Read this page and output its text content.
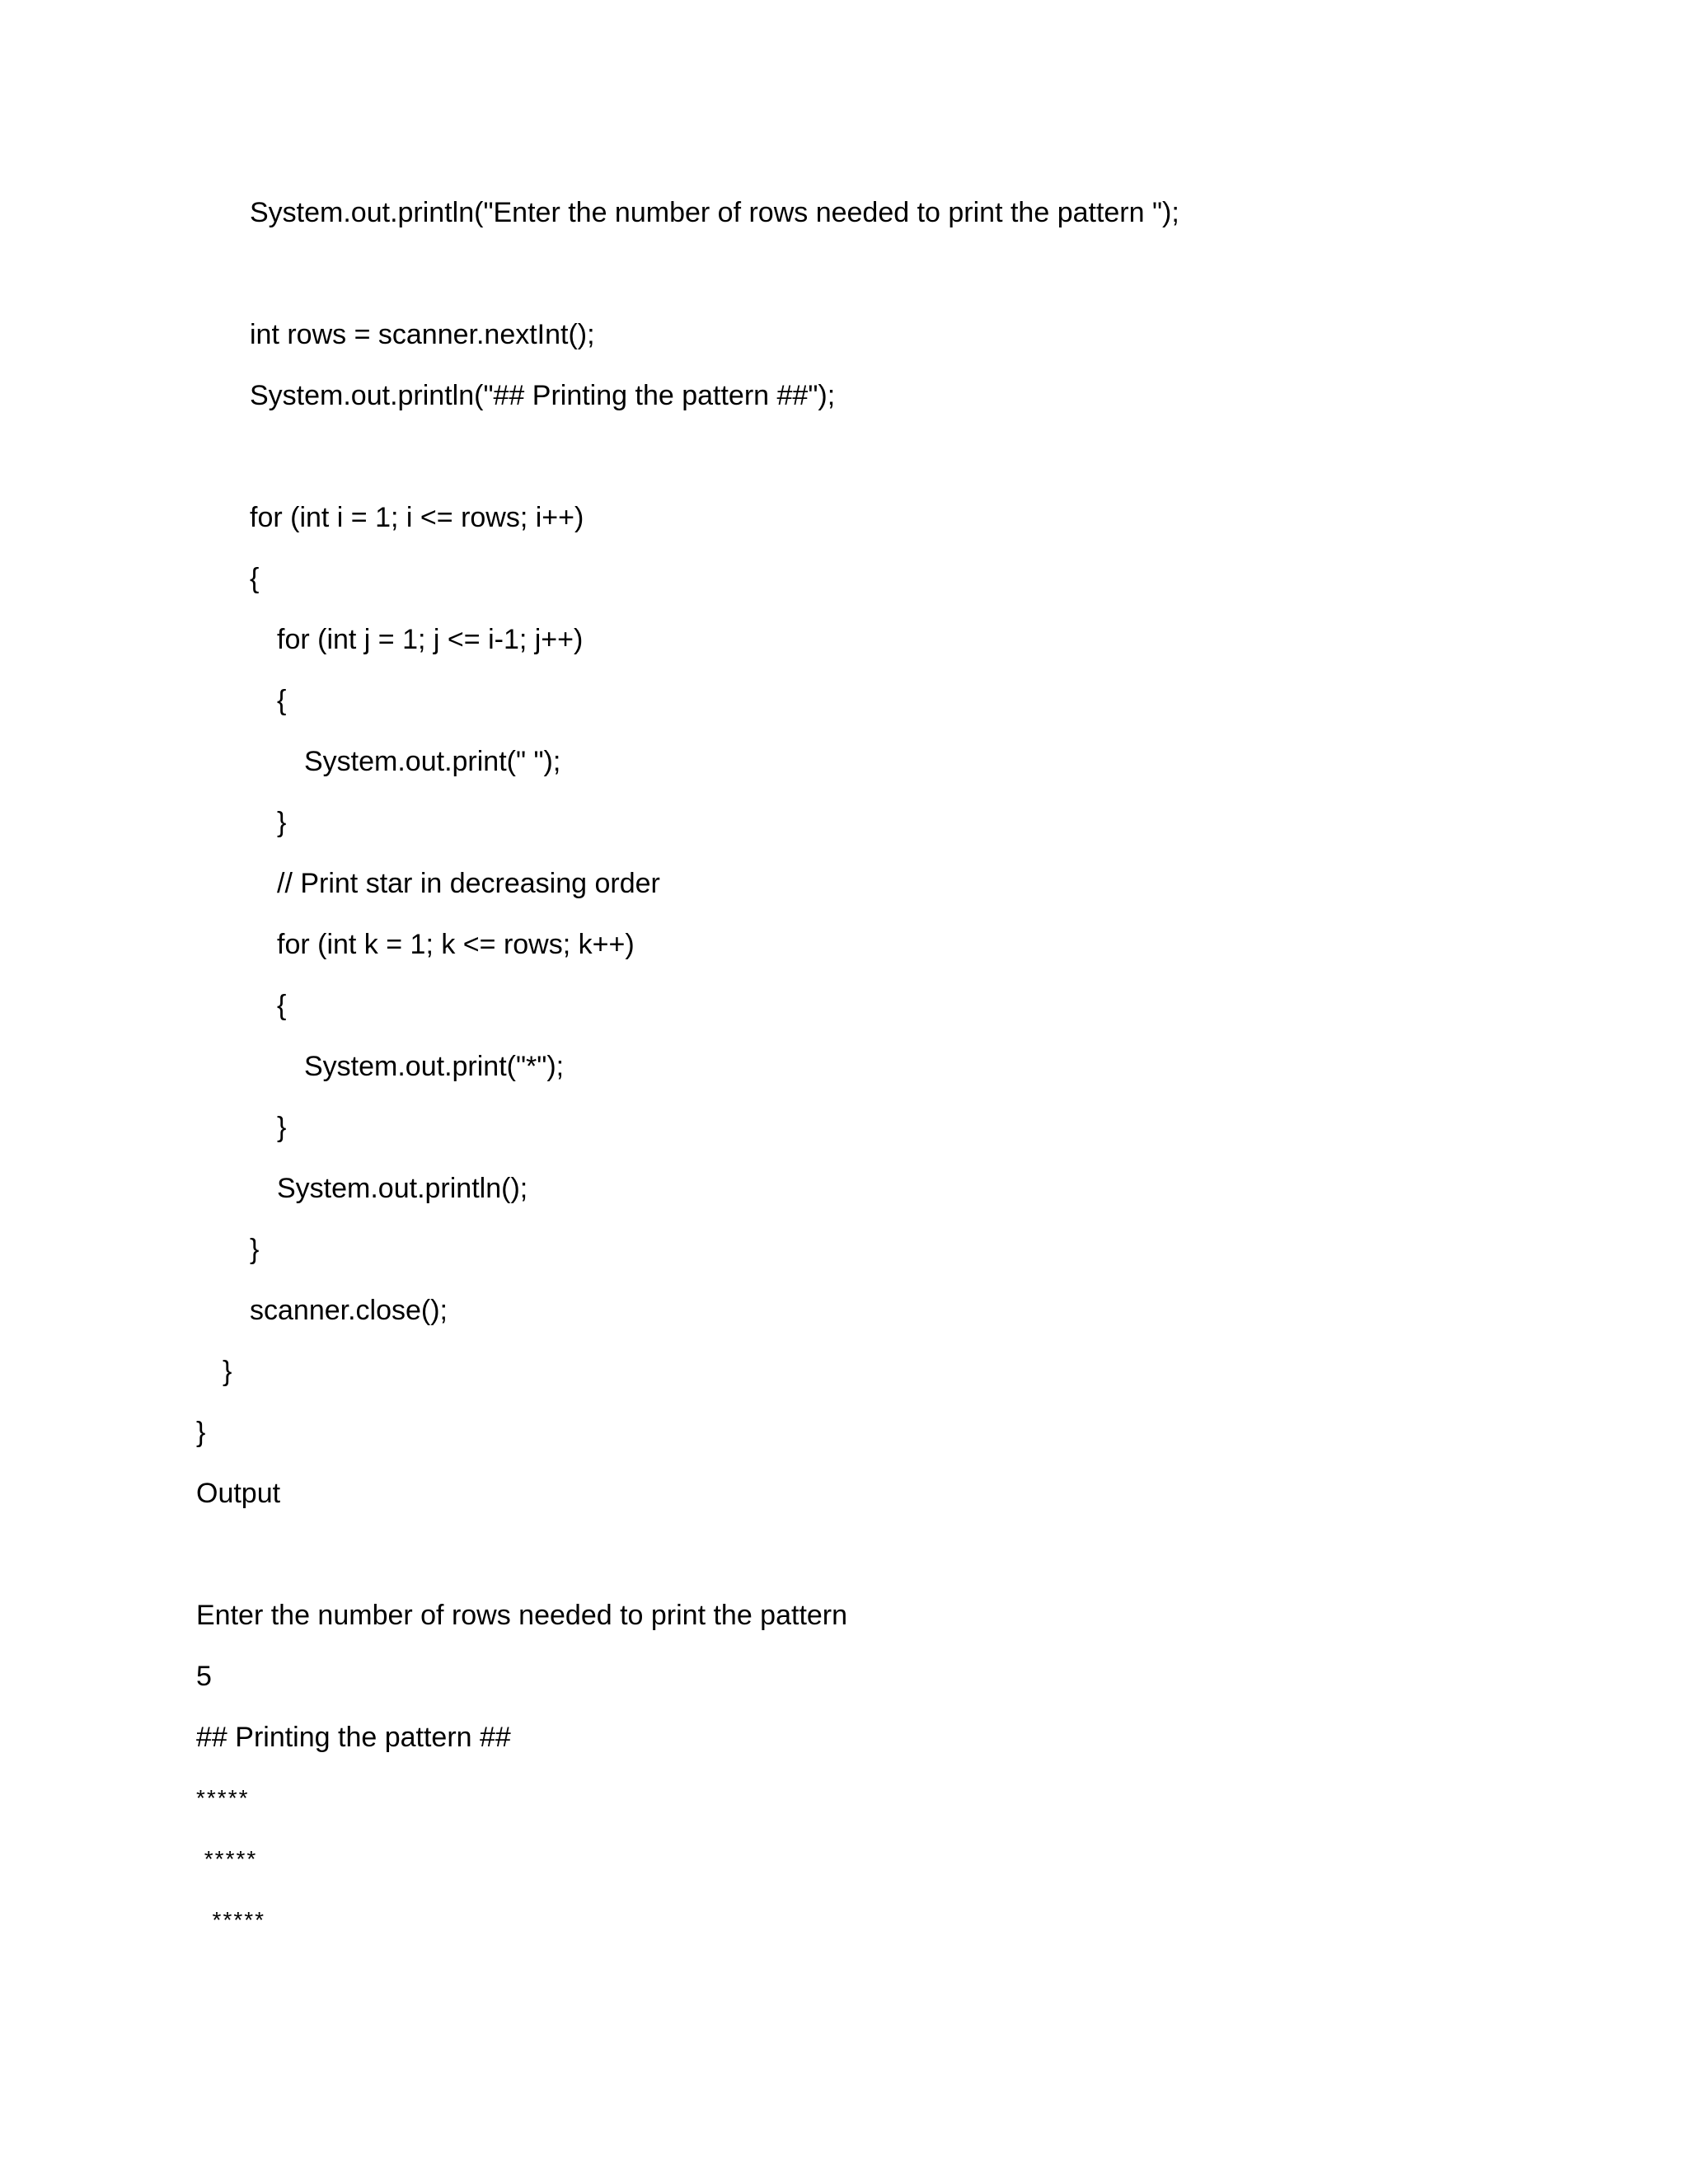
System.out.println("Enter the number of rows needed to print the pattern ");
int rows = scanner.nextInt();
System.out.println("## Printing the pattern ##");
for (int i = 1; i <= rows; i++)
{
for (int j = 1; j <= i-1; j++)
{
System.out.print(" ");
}
// Print star in decreasing order
for (int k = 1; k <= rows; k++)
{
System.out.print("*");
}
System.out.println();
}
scanner.close();
}
}
Output
Enter the number of rows needed to print the pattern
5
## Printing the pattern ##
*****
*****
*****
